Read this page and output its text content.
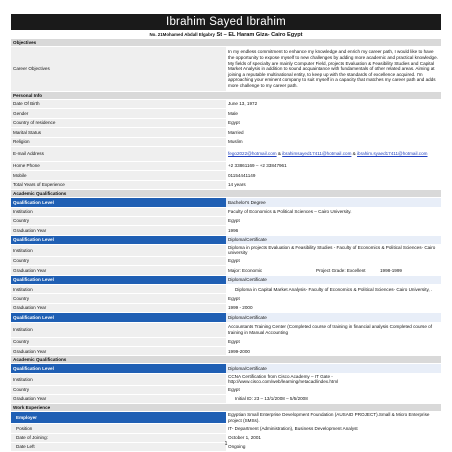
Ibrahim Sayed Ibrahim
No. 21Mohamed Abdall Elgabry St – EL Haram Giza- Cairo Egypt
Objectives	
Career Objectives	In my endless commitment to enhance my knowledge and enrich my career path, I would like to have the opportunity to expose myself to new challenges by adding more academic and practical knowledge. My fields of specialty are mainly Computer Field, projects Evaluation & Feasibility Studies and Capital Market Analysis in addition to sound acquaintance with fundamentals of other related areas. Aiming at joining a reputable multinational entity, to keep up with the standards of excellence acquired. I'm approaching your eminent company to suit myself in a capacity that matches my career path and adds more challenge to my career path.
Personal Info	
Date Of Birth	June 13, 1972
Gender	Male
Country of residence	Egypt
Marital Status	Married
Religion	Muslim
E-mail Address	fego2022@hotmail.com & ibrahimsayed17411@hotmail.com & ibrahim.syaed17411@hotmail.com
Home Phone	+2 33861169 – +2 33847961
Mobile	01154441149
Total Years of Experience	14 years
Academic Qualifications	
Qualification Level	Bachelor's Degree
Institution	Faculty of Economics & Political Sciences – Cairo University.
Country	Egypt
Graduation Year	1996
Qualification Level	Diploma/Certificate
Institution	Diploma in projects Evaluation & Feasibility Studies - Faculty of Economics & Political Sciences- Cairo university
Country	Egypt
Graduation Year	Major: Economic Project Grade: Excellent 1998-1999
Qualification Level	Diploma/Certificate
Institution	Diploma in Capital Market Analysis- Faculty of Economics & Political Sciences- Cairo University, .
Country	Egypt
Graduation Year	1999 - 2000
Qualification Level	Diploma/Certificate
Institution	Accountants Training Center (Completed course of training in financial analysis Completed course of training in Manual Accounting
Country	Egypt
Graduation Year	1999-2000
Academic Qualifications	
Qualification Level	Diploma/Certificate
Institution	CCNA Certification from Cisco Academy – IT Gate - http://www.cisco.com/web/learning/netacad/index.html
Country	Egypt
Graduation Year	Initial ID: 23 – 13/1/2008 – 5/5/2008
Work Experience	
Employer	Egyptian Small Enterprise Development Foundation (AUSAID PROJECT).Small & Micro Enterprise project (SMSs).
Position	IT- Department (Administration), Business Development Analyst
Date of Joining:	October 1, 2001
Date Left	Ongoing
1
